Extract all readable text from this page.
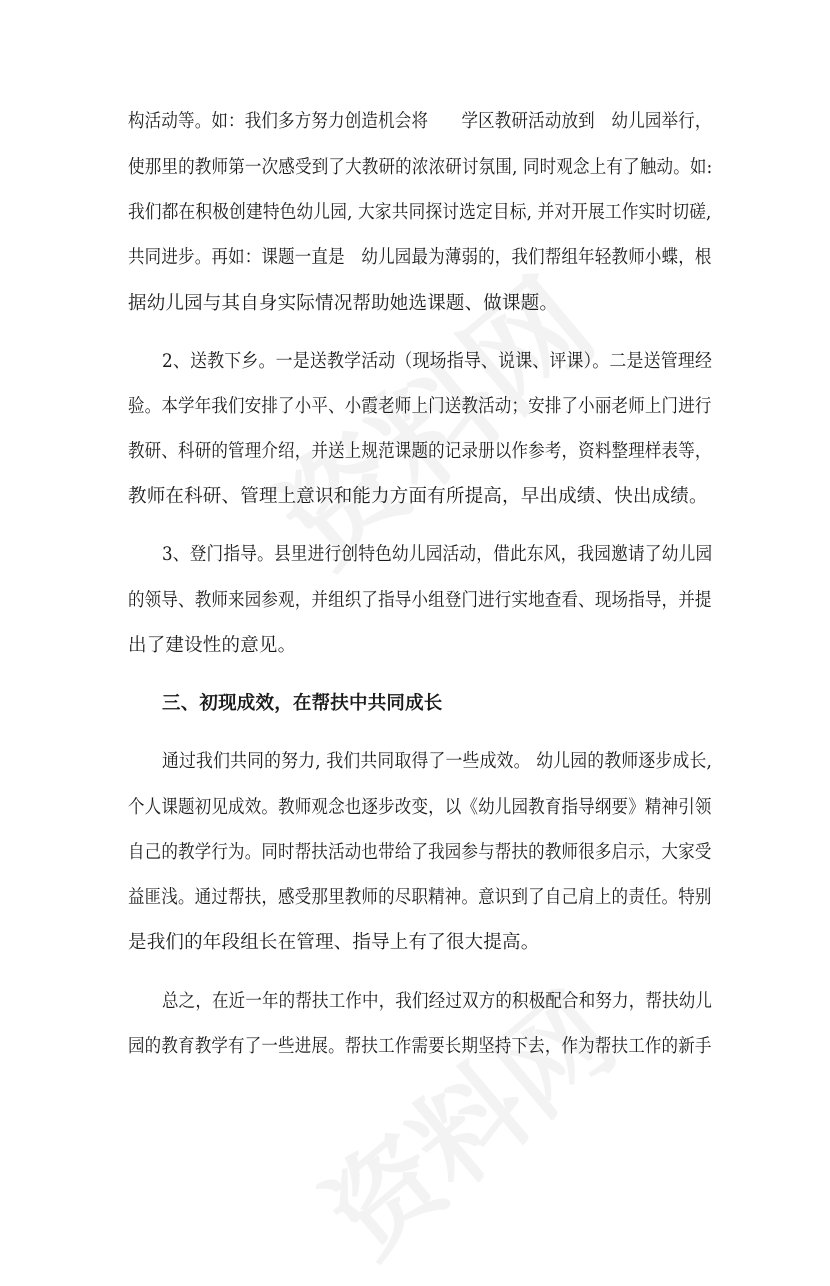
构活动等。如：我们多方努力创造机会将　　学区教研活动放到　幼儿园举行，
使那里的教师第一次感受到了大教研的浓浓研讨氛围, 同时观念上有了触动。如:
我们都在积极创建特色幼儿园, 大家共同探讨选定目标, 并对开展工作实时切磋,
共同进步。再如：课题一直是　幼儿园最为薄弱的，我们帮组年轻教师小蝶，根
据幼儿园与其自身实际情况帮助她选课题、做课题。
2、送教下乡。一是送教学活动（现场指导、说课、评课）。二是送管理经
验。本学年我们安排了小平、小霞老师上门送教活动；安排了小丽老师上门进行
教研、科研的管理介绍，并送上规范课题的记录册以作参考，资料整理样表等，
教师在科研、管理上意识和能力方面有所提高，早出成绩、快出成绩。
3、登门指导。县里进行创特色幼儿园活动，借此东风，我园邀请了幼儿园
的领导、教师来园参观，并组织了指导小组登门进行实地查看、现场指导，并提
出了建设性的意见。
三、初现成效，在帮扶中共同成长
通过我们共同的努力, 我们共同取得了一些成效。 幼儿园的教师逐步成长,
个人课题初见成效。教师观念也逐步改变，以《幼儿园教育指导纲要》精神引领
自己的教学行为。同时帮扶活动也带给了我园参与帮扶的教师很多启示，大家受
益匪浅。通过帮扶，感受那里教师的尽职精神。意识到了自己肩上的责任。特别
是我们的年段组长在管理、指导上有了很大提高。
总之，在近一年的帮扶工作中，我们经过双方的积极配合和努力，帮扶幼儿
园的教育教学有了一些进展。帮扶工作需要长期坚持下去，作为帮扶工作的新手
